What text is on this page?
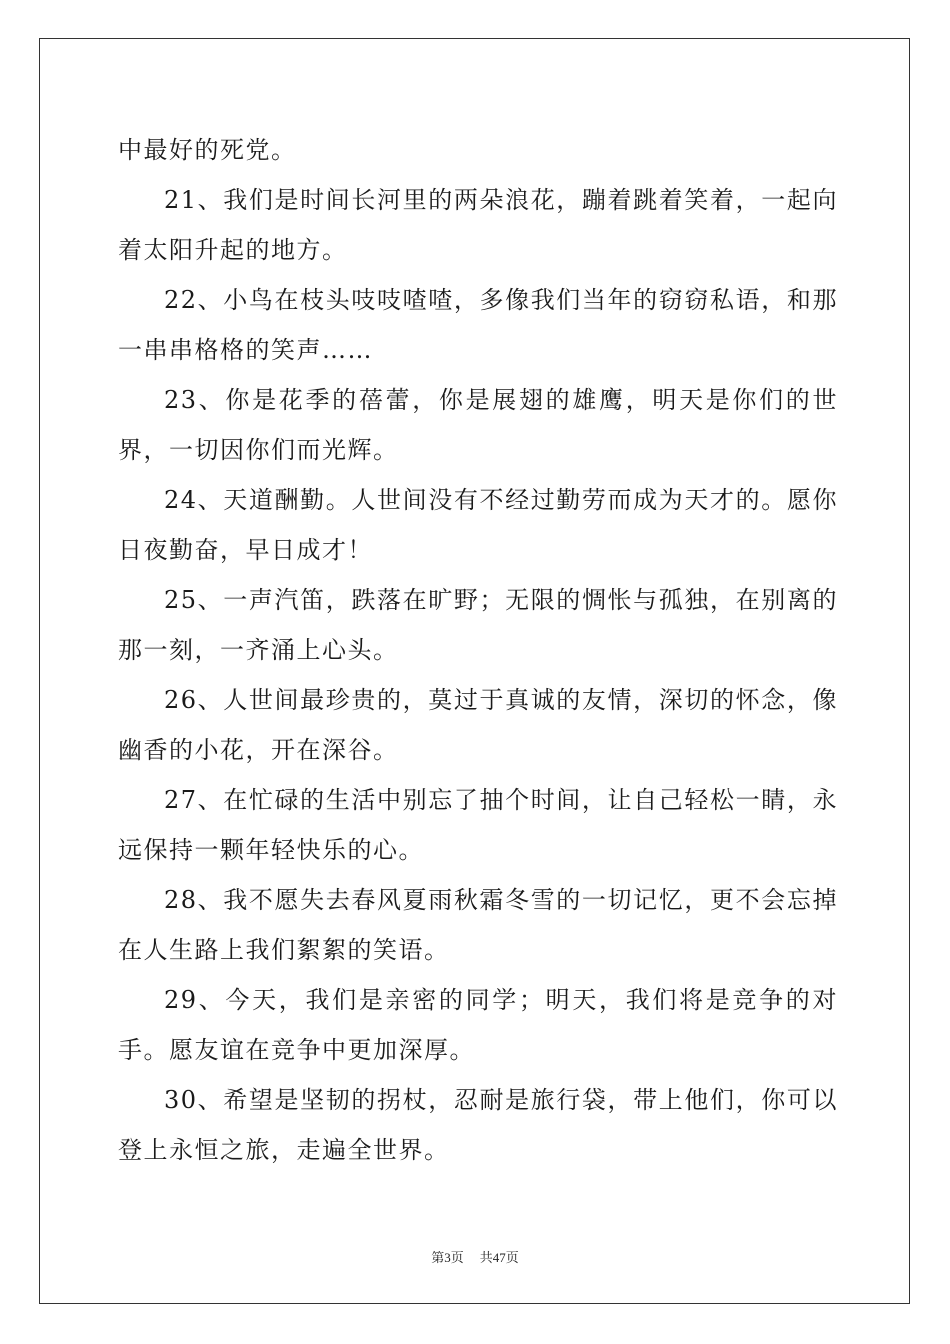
中最好的死党。

21、我们是时间长河里的两朵浪花，蹦着跳着笑着，一起向着太阳升起的地方。

22、小鸟在枝头吱吱喳喳，多像我们当年的窃窃私语，和那一串串格格的笑声……

23、你是花季的蓓蕾，你是展翅的雄鹰，明天是你们的世界，一切因你们而光辉。

24、天道酬勤。人世间没有不经过勤劳而成为天才的。愿你日夜勤奋，早日成才！

25、一声汽笛，跌落在旷野；无限的惆怅与孤独，在别离的那一刻，一齐涌上心头。

26、人世间最珍贵的，莫过于真诚的友情，深切的怀念，像幽香的小花，开在深谷。

27、在忙碌的生活中别忘了抽个时间，让自己轻松一睛，永远保持一颗年轻快乐的心。

28、我不愿失去春风夏雨秋霜冬雪的一切记忆，更不会忘掉在人生路上我们絮絮的笑语。

29、今天，我们是亲密的同学；明天，我们将是竞争的对手。愿友谊在竞争中更加深厚。

30、希望是坚韧的拐杖，忍耐是旅行袋，带上他们，你可以登上永恒之旅，走遍全世界。

第3页 共47页
